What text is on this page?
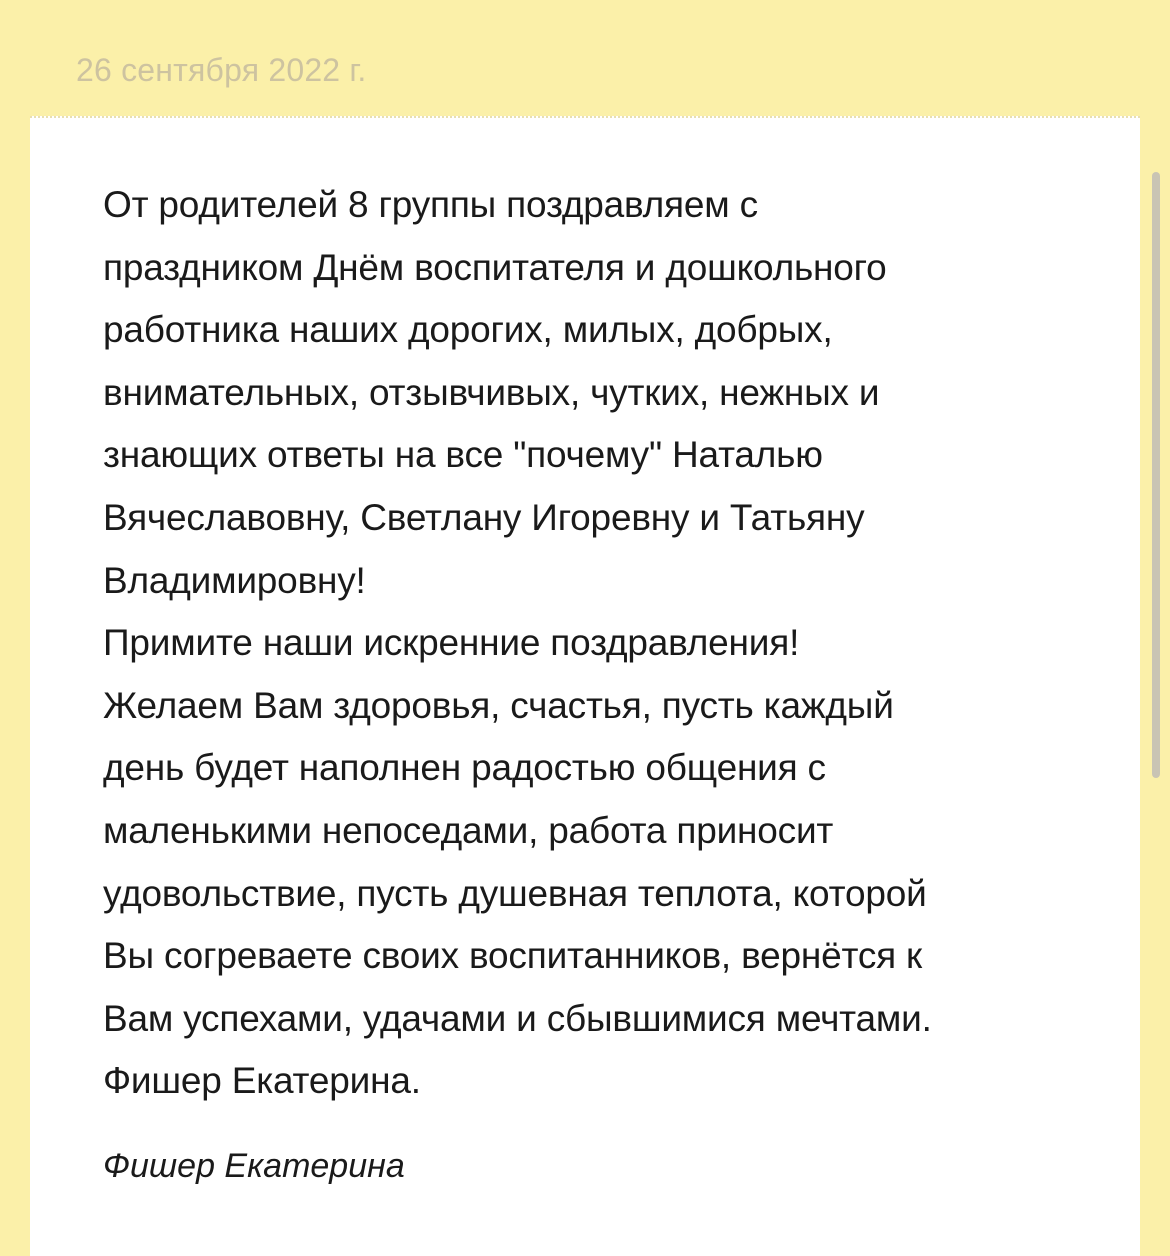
26 сентября 2022 г.
От родителей 8 группы поздравляем с
праздником Днём воспитателя и дошкольного
работника наших дорогих, милых, добрых,
внимательных, отзывчивых, чутких, нежных и
знающих ответы на все "почему" Наталью
Вячеславовну, Светлану Игоревну и Татьяну
Владимировну!
Примите наши искренние поздравления!
Желаем Вам здоровья, счастья, пусть каждый
день будет наполнен радостью общения с
маленькими непоседами, работа приносит
удовольствие, пусть душевная теплота, которой
Вы согреваете своих воспитанников, вернётся к
Вам успехами, удачами и сбывшимися мечтами.
Фишер Екатерина.
Фишер Екатерина
